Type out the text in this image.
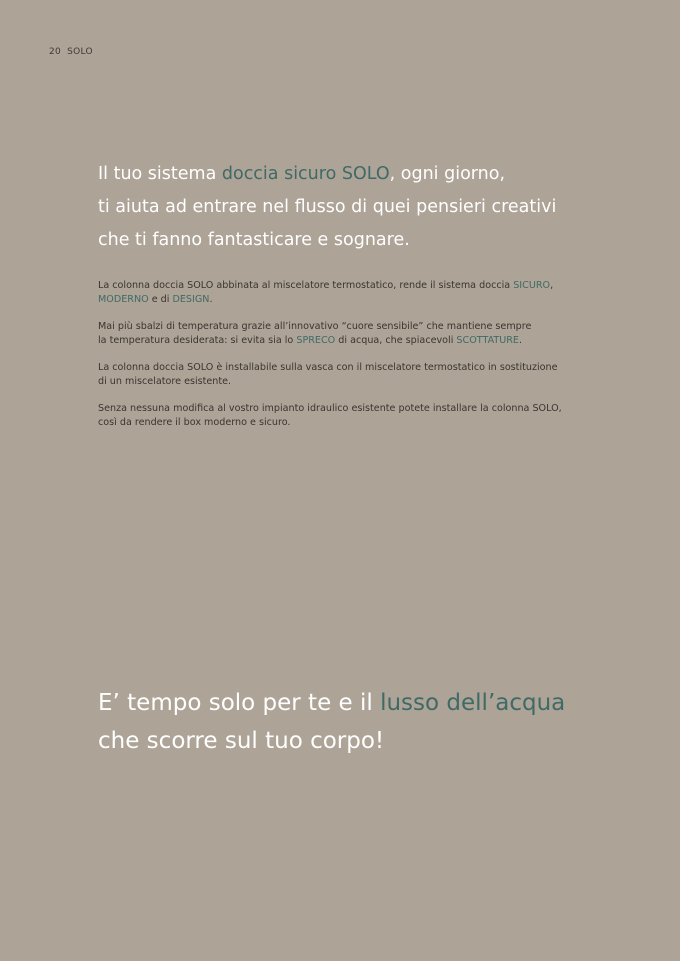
20 SOLO
Il tuo sistema doccia sicuro SOLO, ogni giorno,
ti aiuta ad entrare nel flusso di quei pensieri creativi
che ti fanno fantasticare e sognare.

La colonna doccia SOLO abbinata al miscelatore termostatico, rende il sistema doccia SICURO,
MODERNO e di DESIGN.

Mai più sbalzi di temperatura grazie all’innovativo “cuore sensibile” che mantiene sempre
la temperatura desiderata: si evita sia lo SPRECO di acqua, che spiacevoli SCOTTATURE.

La colonna doccia SOLO è installabile sulla vasca con il miscelatore termostatico in sostituzione
di un miscelatore esistente.

Senza nessuna modifica al vostro impianto idraulico esistente potete installare la colonna SOLO,
così da rendere il box moderno e sicuro.

E’ tempo solo per te e il lusso dell’acqua
che scorre sul tuo corpo!
